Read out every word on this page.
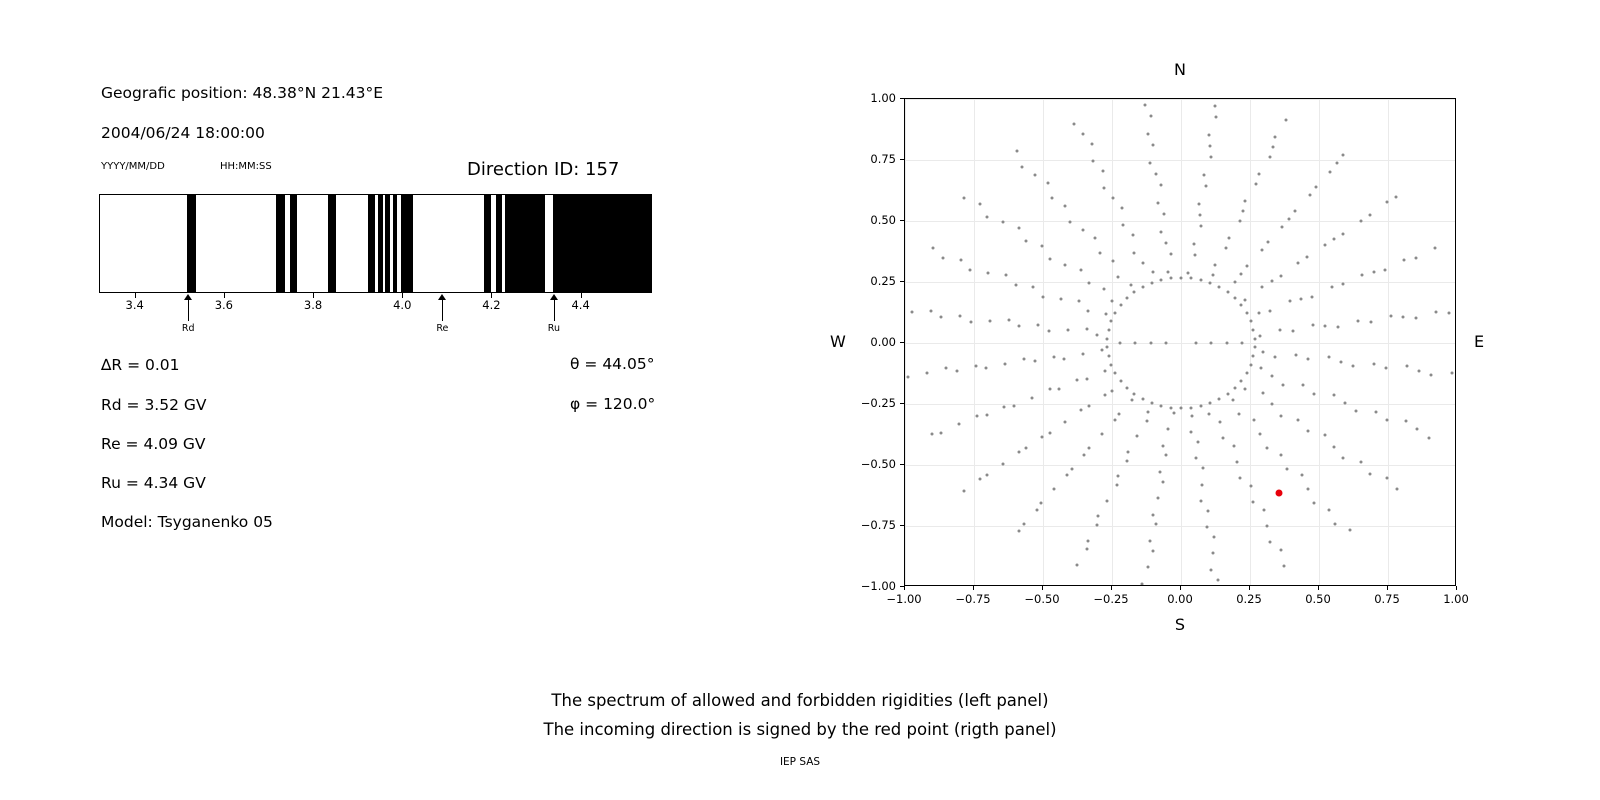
Geografic position: 48.38°N 21.43°E
2004/06/24 18:00:00
YYYY/MM/DD	HH:MM:SS	Direction ID: 157
3.4	3.6	3.8	4.0	4.2	4.4
Rd	Re	Ru
∆R = 0.01
Rd = 3.52 GV
Re = 4.09 GV
Ru = 4.34 GV
Model: Tsyganenko 05
θ = 44.05°
φ = 120.0°
N
S
W	E
−1.00
−0.75
−0.50
−0.25
0.00
0.25
0.50
0.75
1.00
−1.00	−0.75	−0.50	−0.25	0.00	0.25	0.50	0.75	1.00
The spectrum of allowed and forbidden rigidities (left panel)
The incoming direction is signed by the red point (rigth panel)
IEP SAS
